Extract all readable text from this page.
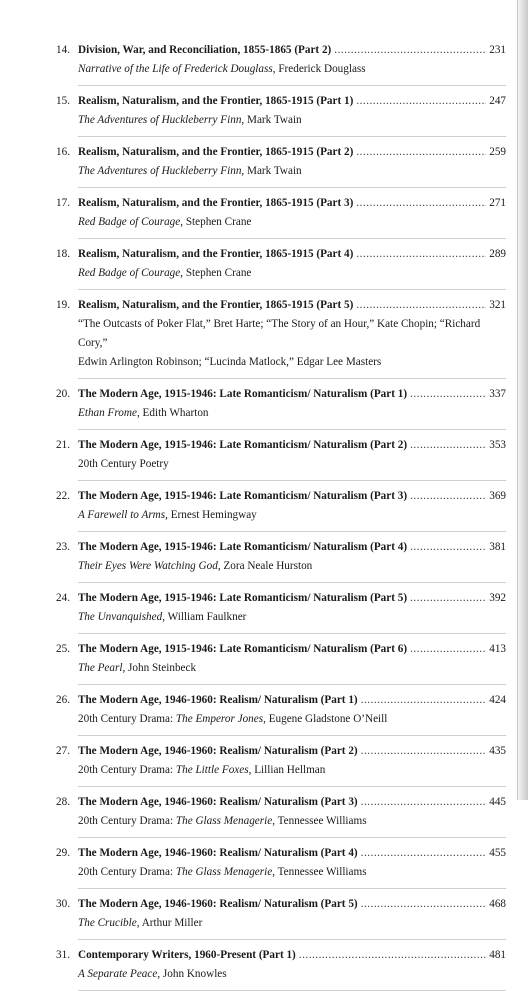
14. Division, War, and Reconciliation, 1855-1865 (Part 2) .....	231
Narrative of the Life of Frederick Douglass, Frederick Douglass
15. Realism, Naturalism, and the Frontier, 1865-1915 (Part 1) .....	247
The Adventures of Huckleberry Finn, Mark Twain
16. Realism, Naturalism, and the Frontier, 1865-1915 (Part 2) .....	259
The Adventures of Huckleberry Finn, Mark Twain
17. Realism, Naturalism, and the Frontier, 1865-1915 (Part 3) .....	271
Red Badge of Courage, Stephen Crane
18. Realism, Naturalism, and the Frontier, 1865-1915 (Part 4) .....	289
Red Badge of Courage, Stephen Crane
19. Realism, Naturalism, and the Frontier, 1865-1915 (Part 5) .....	321
“The Outcasts of Poker Flat,” Bret Harte; “The Story of an Hour,” Kate Chopin; “Richard Cory,”
Edwin Arlington Robinson; “Lucinda Matlock,” Edgar Lee Masters
20. The Modern Age, 1915-1946: Late Romanticism/ Naturalism (Part 1) .....	337
Ethan Frome, Edith Wharton
21. The Modern Age, 1915-1946: Late Romanticism/ Naturalism (Part 2) .....	353
20th Century Poetry
22. The Modern Age, 1915-1946: Late Romanticism/ Naturalism (Part 3) .....	369
A Farewell to Arms, Ernest Hemingway
23. The Modern Age, 1915-1946: Late Romanticism/ Naturalism (Part 4) .....	381
Their Eyes Were Watching God, Zora Neale Hurston
24. The Modern Age, 1915-1946: Late Romanticism/ Naturalism (Part 5) .....	392
The Unvanquished, William Faulkner
25. The Modern Age, 1915-1946: Late Romanticism/ Naturalism (Part 6) .....	413
The Pearl, John Steinbeck
26. The Modern Age, 1946-1960: Realism/ Naturalism (Part 1) .....	424
20th Century Drama: The Emperor Jones, Eugene Gladstone O’Neill
27. The Modern Age, 1946-1960: Realism/ Naturalism (Part 2) .....	435
20th Century Drama: The Little Foxes, Lillian Hellman
28. The Modern Age, 1946-1960: Realism/ Naturalism (Part 3) .....	445
20th Century Drama: The Glass Menagerie, Tennessee Williams
29. The Modern Age, 1946-1960: Realism/ Naturalism (Part 4) .....	455
20th Century Drama: The Glass Menagerie, Tennessee Williams
30. The Modern Age, 1946-1960: Realism/ Naturalism (Part 5) .....	468
The Crucible, Arthur Miller
31. Contemporary Writers, 1960-Present (Part 1) .....	481
A Separate Peace, John Knowles
